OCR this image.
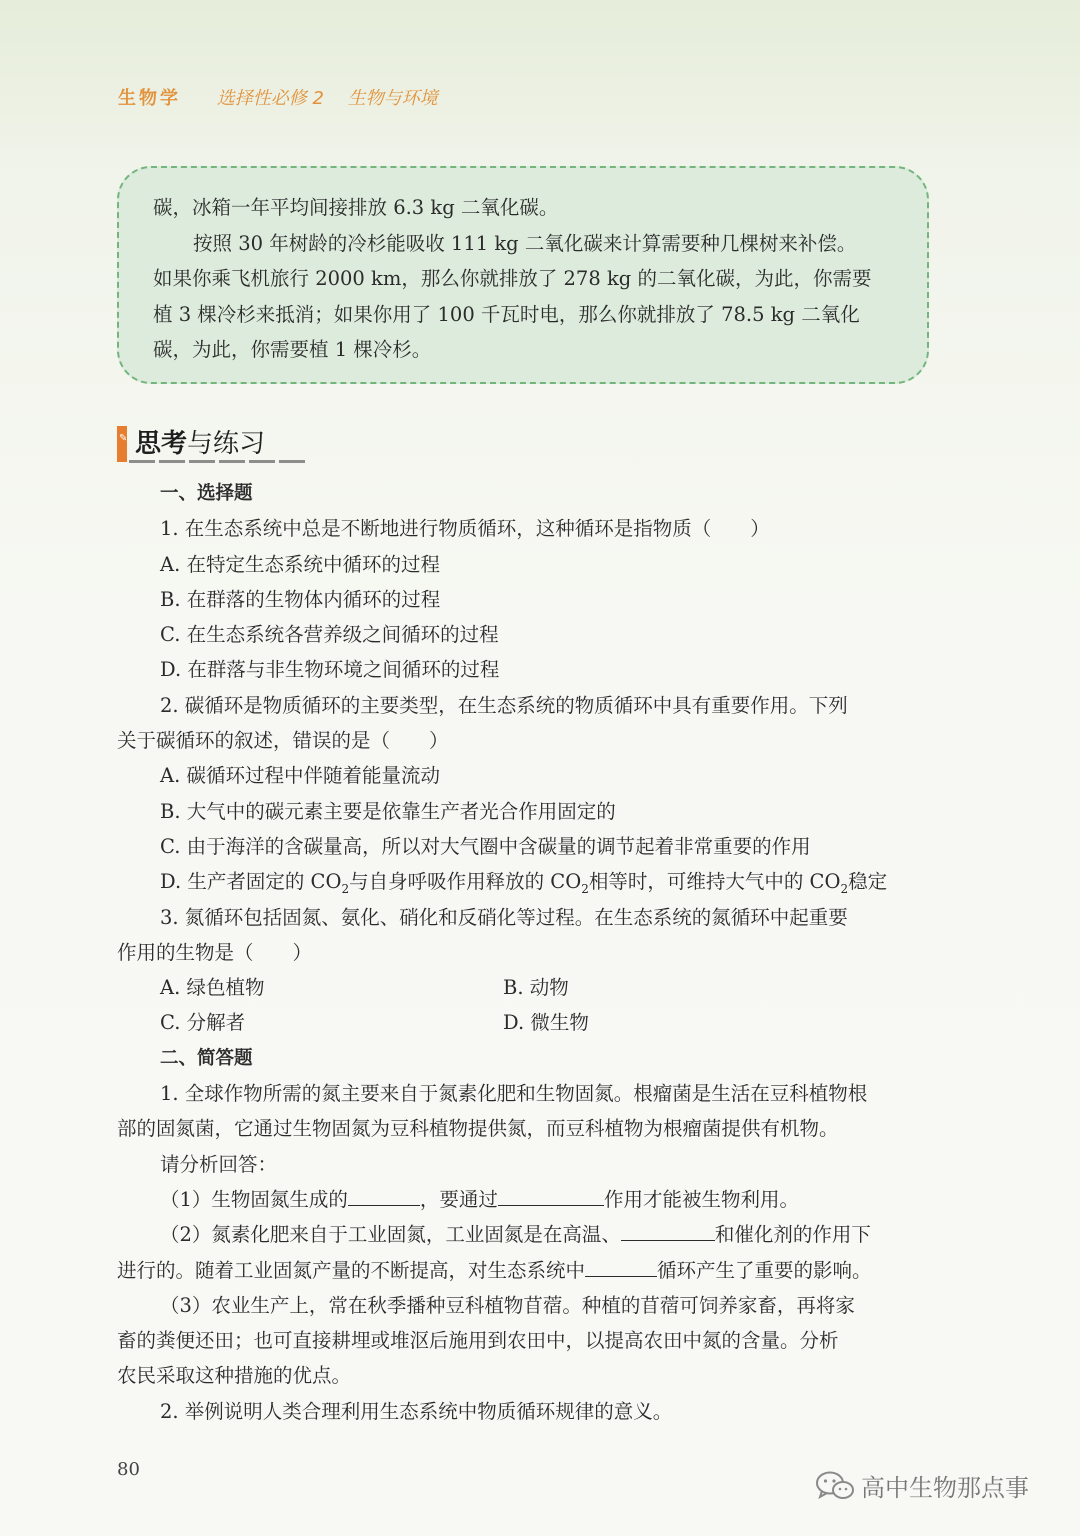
生物学 选择性必修 2 生物与环境

碳，冰箱一年平均间接排放 6.3 kg 二氧化碳。

按照 30 年树龄的冷杉能吸收 111 kg 二氧化碳来计算需要种几棵树来补偿。

如果你乘飞机旅行 2000 km，那么你就排放了 278 kg 的二氧化碳，为此，你需要

植 3 棵冷杉来抵消；如果你用了 100 千瓦时电，那么你就排放了 78.5 kg 二氧化

碳，为此，你需要植 1 棵冷杉。

✎ 思考与练习
一、选择题
1. 在生态系统中总是不断地进行物质循环，这种循环是指物质（　　）
A. 在特定生态系统中循环的过程
B. 在群落的生物体内循环的过程
C. 在生态系统各营养级之间循环的过程
D. 在群落与非生物环境之间循环的过程
2. 碳循环是物质循环的主要类型，在生态系统的物质循环中具有重要作用。下列
关于碳循环的叙述，错误的是（　　）
A. 碳循环过程中伴随着能量流动
B. 大气中的碳元素主要是依靠生产者光合作用固定的
C. 由于海洋的含碳量高，所以对大气圈中含碳量的调节起着非常重要的作用
D. 生产者固定的 $CO_2$与自身呼吸作用释放的 $CO_2$相等时，可维持大气中的 $CO_2$稳定
3. 氮循环包括固氮、氨化、硝化和反硝化等过程。在生态系统的氮循环中起重要
作用的生物是（　　）
A. 绿色植物	B. 动物
C. 分解者	D. 微生物
二、简答题
1. 全球作物所需的氮主要来自于氮素化肥和生物固氮。根瘤菌是生活在豆科植物根
部的固氮菌，它通过生物固氮为豆科植物提供氮，而豆科植物为根瘤菌提供有机物。
请分析回答：
（1）生物固氮生成的	，要通过	作用才能被生物利用。
（2）氮素化肥来自于工业固氮，工业固氮是在高温、	和催化剂的作用下
进行的。随着工业固氮产量的不断提高，对生态系统中	循环产生了重要的影响。
（3）农业生产上，常在秋季播种豆科植物苜蓿。种植的苜蓿可饲养家畜，再将家
畜的粪便还田；也可直接耕埋或堆沤后施用到农田中，以提高农田中氮的含量。分析
农民采取这种措施的优点。
2. 举例说明人类合理利用生态系统中物质循环规律的意义。
80
高中生物那点事
